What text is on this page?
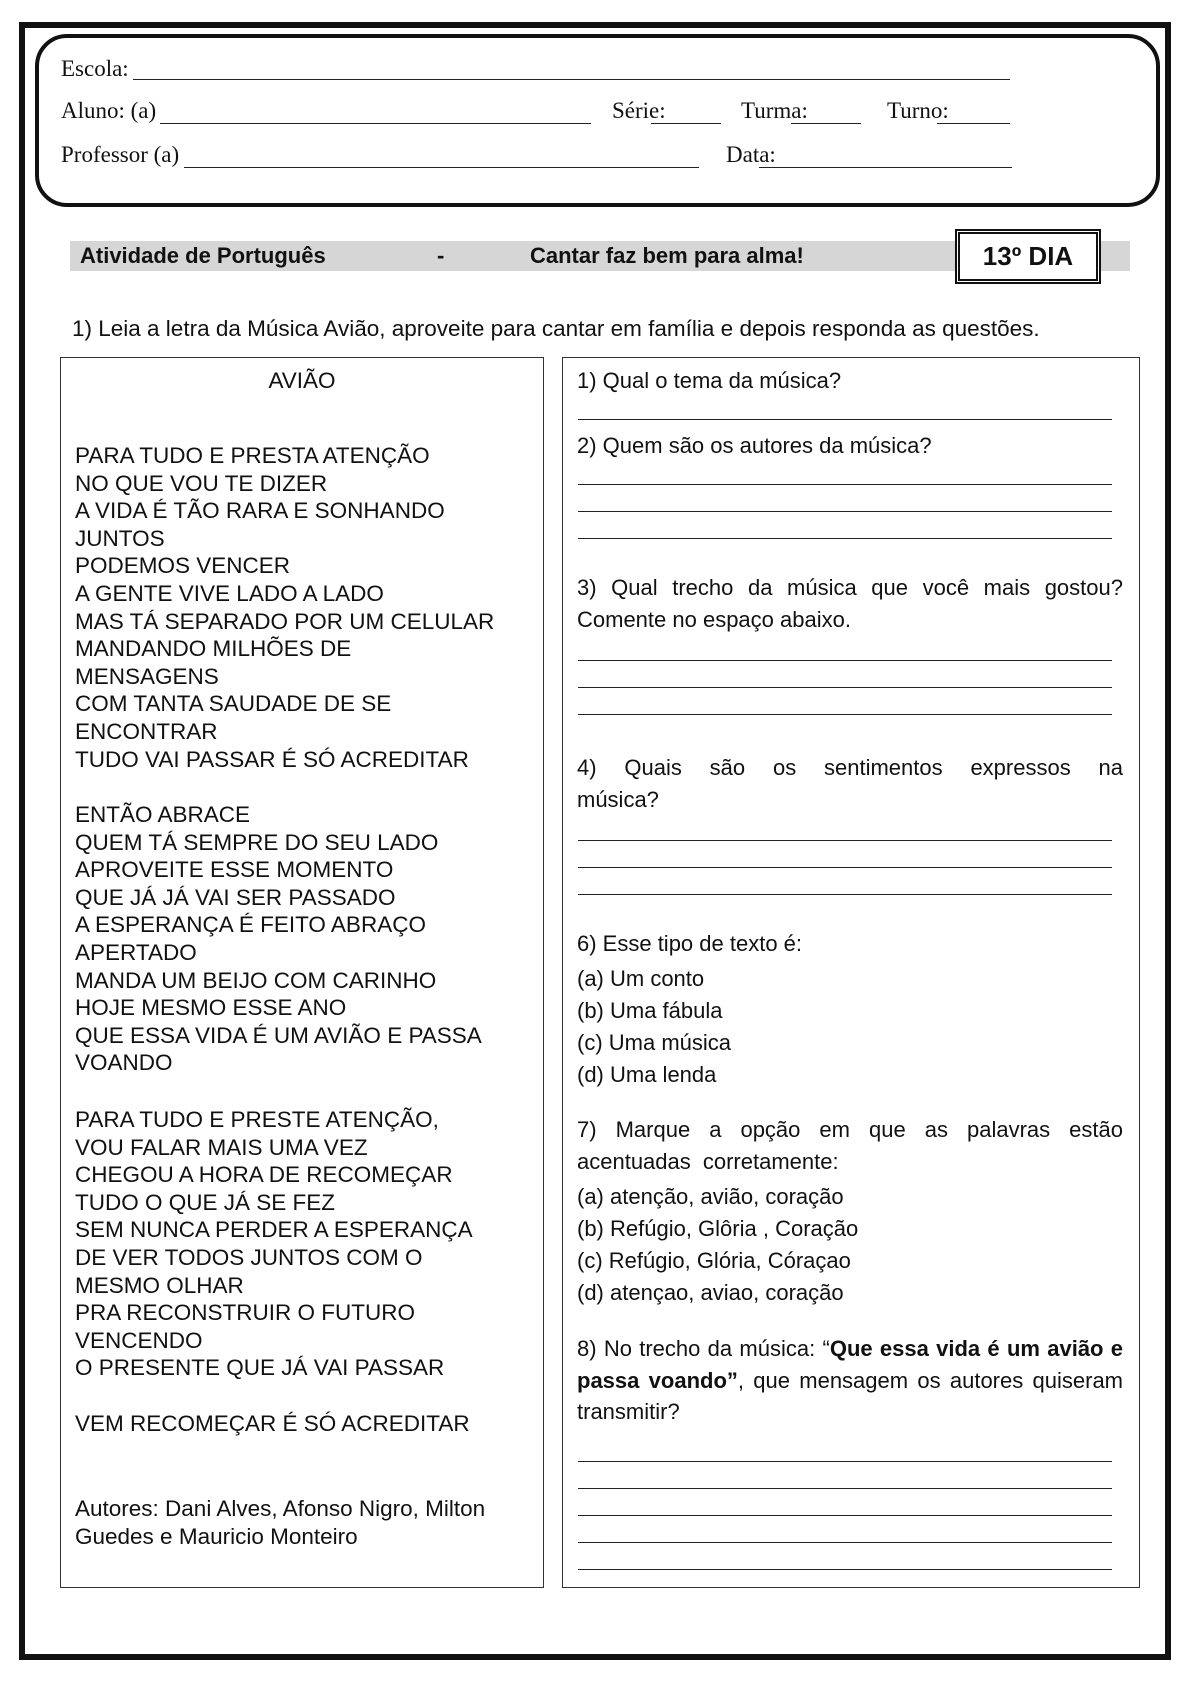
Escola:
Aluno: (a)	Série:	Turma:	Turno:
Professor (a)	Data:
Atividade de Português	-	Cantar faz bem para alma!	13º DIA
1) Leia a letra da Música Avião, aproveite para cantar em família e depois responda as questões.
AVIÃO
PARA TUDO E PRESTA ATENÇÃO
NO QUE VOU TE DIZER
A VIDA É TÃO RARA E SONHANDO
JUNTOS
PODEMOS VENCER
A GENTE VIVE LADO A LADO
MAS TÁ SEPARADO POR UM CELULAR
MANDANDO MILHÕES DE
MENSAGENS
COM TANTA SAUDADE DE SE
ENCONTRAR
TUDO VAI PASSAR É SÓ ACREDITAR
ENTÃO ABRACE
QUEM TÁ SEMPRE DO SEU LADO
APROVEITE ESSE MOMENTO
QUE JÁ JÁ VAI SER PASSADO
A ESPERANÇA É FEITO ABRAÇO
APERTADO
MANDA UM BEIJO COM CARINHO
HOJE MESMO ESSE ANO
QUE ESSA VIDA É UM AVIÃO E PASSA
VOANDO
PARA TUDO E PRESTE ATENÇÃO,
VOU FALAR MAIS UMA VEZ
CHEGOU A HORA DE RECOMEÇAR
TUDO O QUE JÁ SE FEZ
SEM NUNCA PERDER A ESPERANÇA
DE VER TODOS JUNTOS COM O
MESMO OLHAR
PRA RECONSTRUIR O FUTURO
VENCENDO
O PRESENTE QUE JÁ VAI PASSAR
VEM RECOMEÇAR É SÓ ACREDITAR
Autores: Dani Alves, Afonso Nigro, Milton
Guedes e Mauricio Monteiro
1) Qual o tema da música?
2) Quem são os autores da música?
3) Qual trecho da música que você mais gostou? Comente no espaço abaixo.
4) Quais são os sentimentos expressos na música?
6) Esse tipo de texto é:
(a) Um conto
(b) Uma fábula
(c) Uma música
(d) Uma lenda
7) Marque a opção em que as palavras estão acentuadas corretamente:
(a) atenção, avião, coração
(b) Refúgio, Glôria , Coração
(c) Refúgio, Glória, Córaçao
(d) atençao, aviao, coração
8) No trecho da música: “Que essa vida é um avião e passa voando”, que mensagem os autores quiseram transmitir?
